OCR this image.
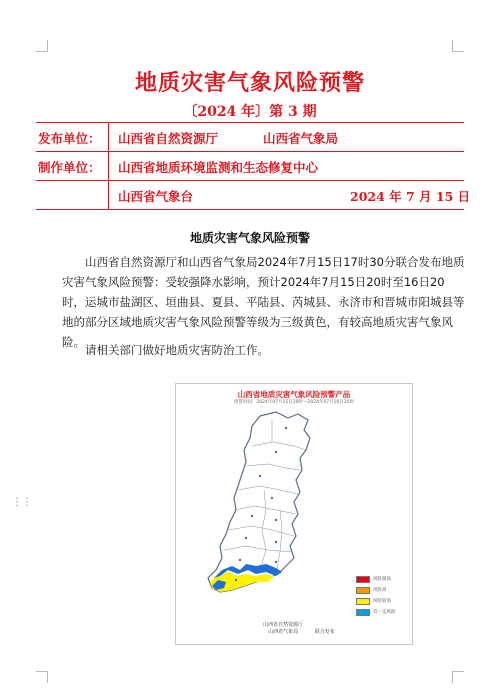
⋮⋮
地质灾害气象风险预警
〔2024 年〕第 3 期
发布单位： 山西省自然资源厅	山西省气象局
制作单位： 山西省地质环境监测和生态修复中心
山西省气象台	2024 年 7 月 15 日
地质灾害气象风险预警
山西省自然资源厅和山西省气象局2024年7月15日17时30分联合发布地质灾害气象风险预警：受较强降水影响，预计2024年7月15日20时至16日20时，运城市盐湖区、垣曲县、夏县、平陆县、芮城县、永济市和晋城市阳城县等地的部分区域地质灾害气象风险预警等级为三级黄色，有较高地质灾害气象风险。
请相关部门做好地质灾害防治工作。
山西省地质灾害气象风险预警产品
预警时间：2024年07月15日20时—2024年07月16日20时
风险很高
风险高
风险较高
有一定风险
山西省自然资源厅
山西省气象局	联合发布
